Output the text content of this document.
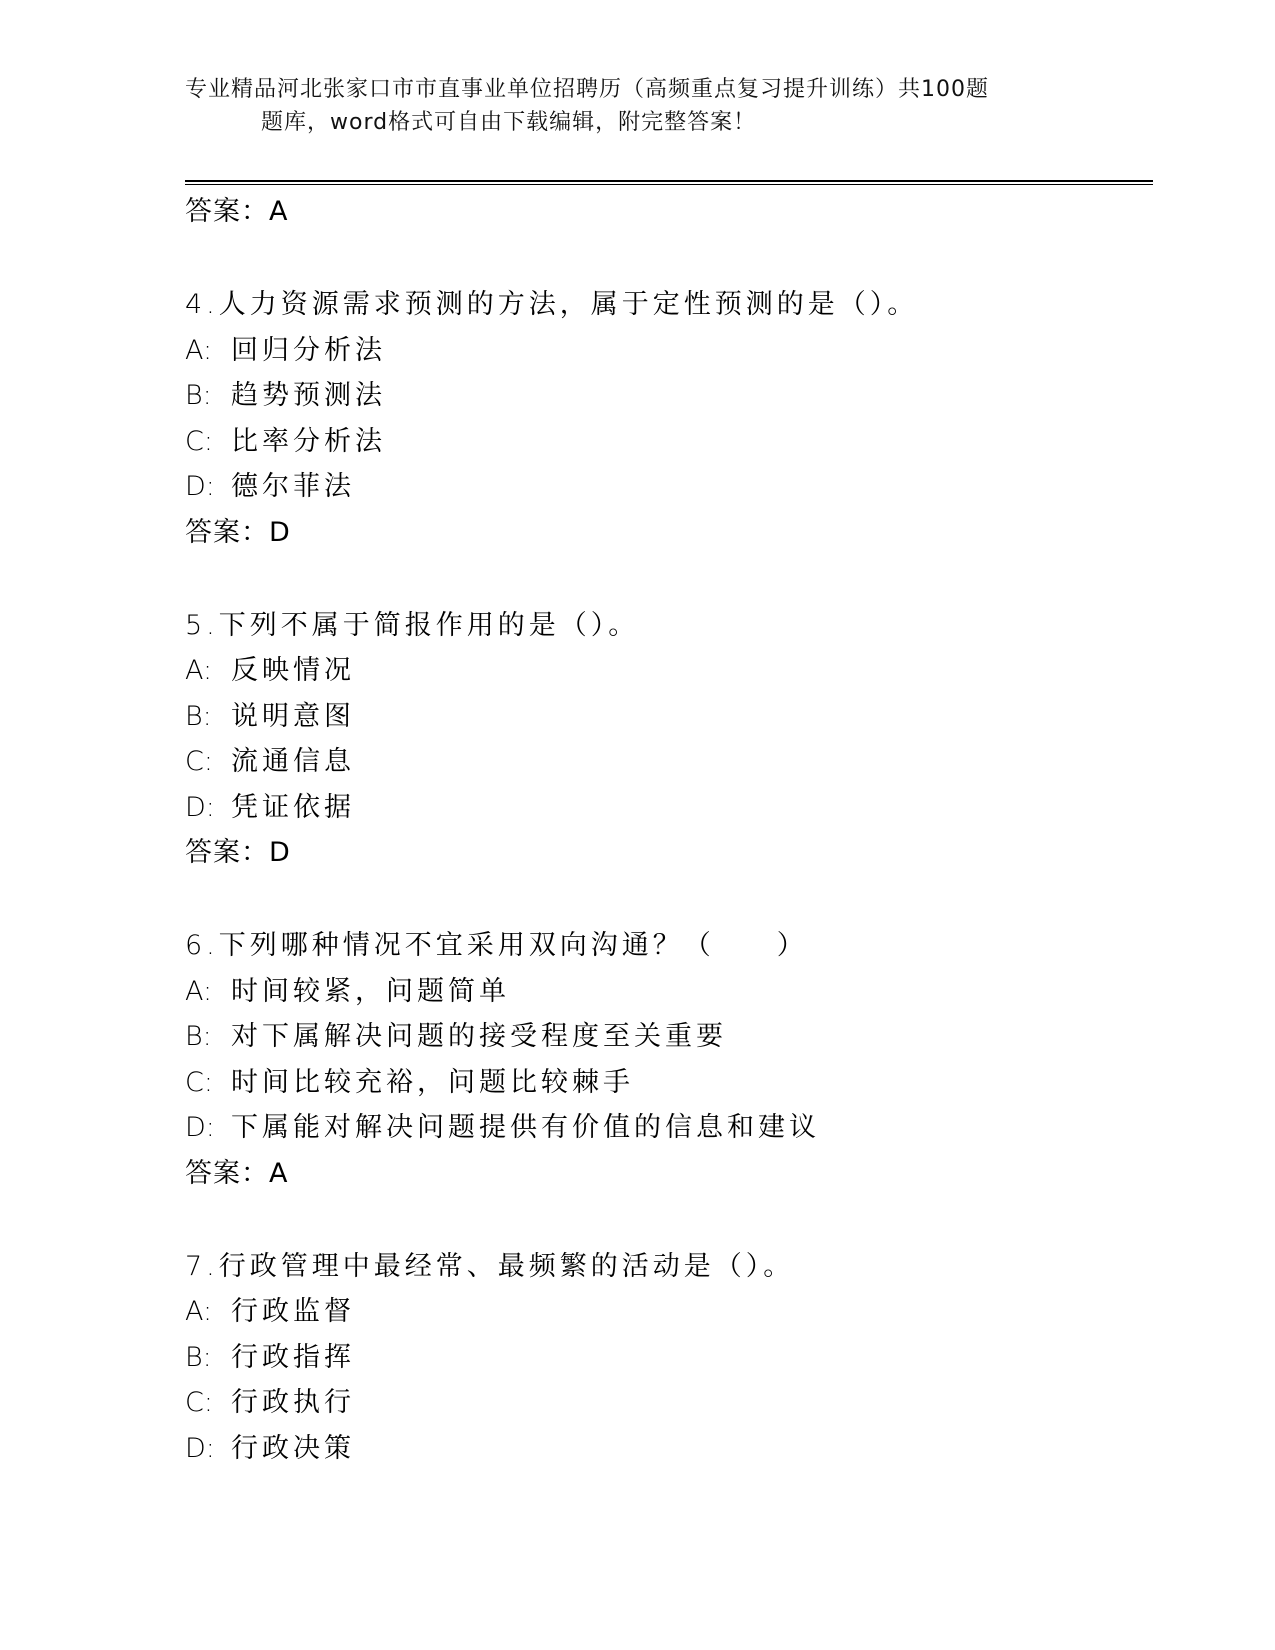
专业精品河北张家口市市直事业单位招聘历（高频重点复习提升训练）共100题
题库，word格式可自由下载编辑，附完整答案！
答案：A
4.人力资源需求预测的方法，属于定性预测的是（）。
A: 回归分析法
B: 趋势预测法
C: 比率分析法
D: 德尔菲法
答案：D
5.下列不属于简报作用的是（）。
A: 反映情况
B: 说明意图
C: 流通信息
D: 凭证依据
答案：D
6.下列哪种情况不宜采用双向沟通？（　　）
A: 时间较紧，问题简单
B: 对下属解决问题的接受程度至关重要
C: 时间比较充裕，问题比较棘手
D: 下属能对解决问题提供有价值的信息和建议
答案：A
7.行政管理中最经常、最频繁的活动是（）。
A: 行政监督
B: 行政指挥
C: 行政执行
D: 行政决策
